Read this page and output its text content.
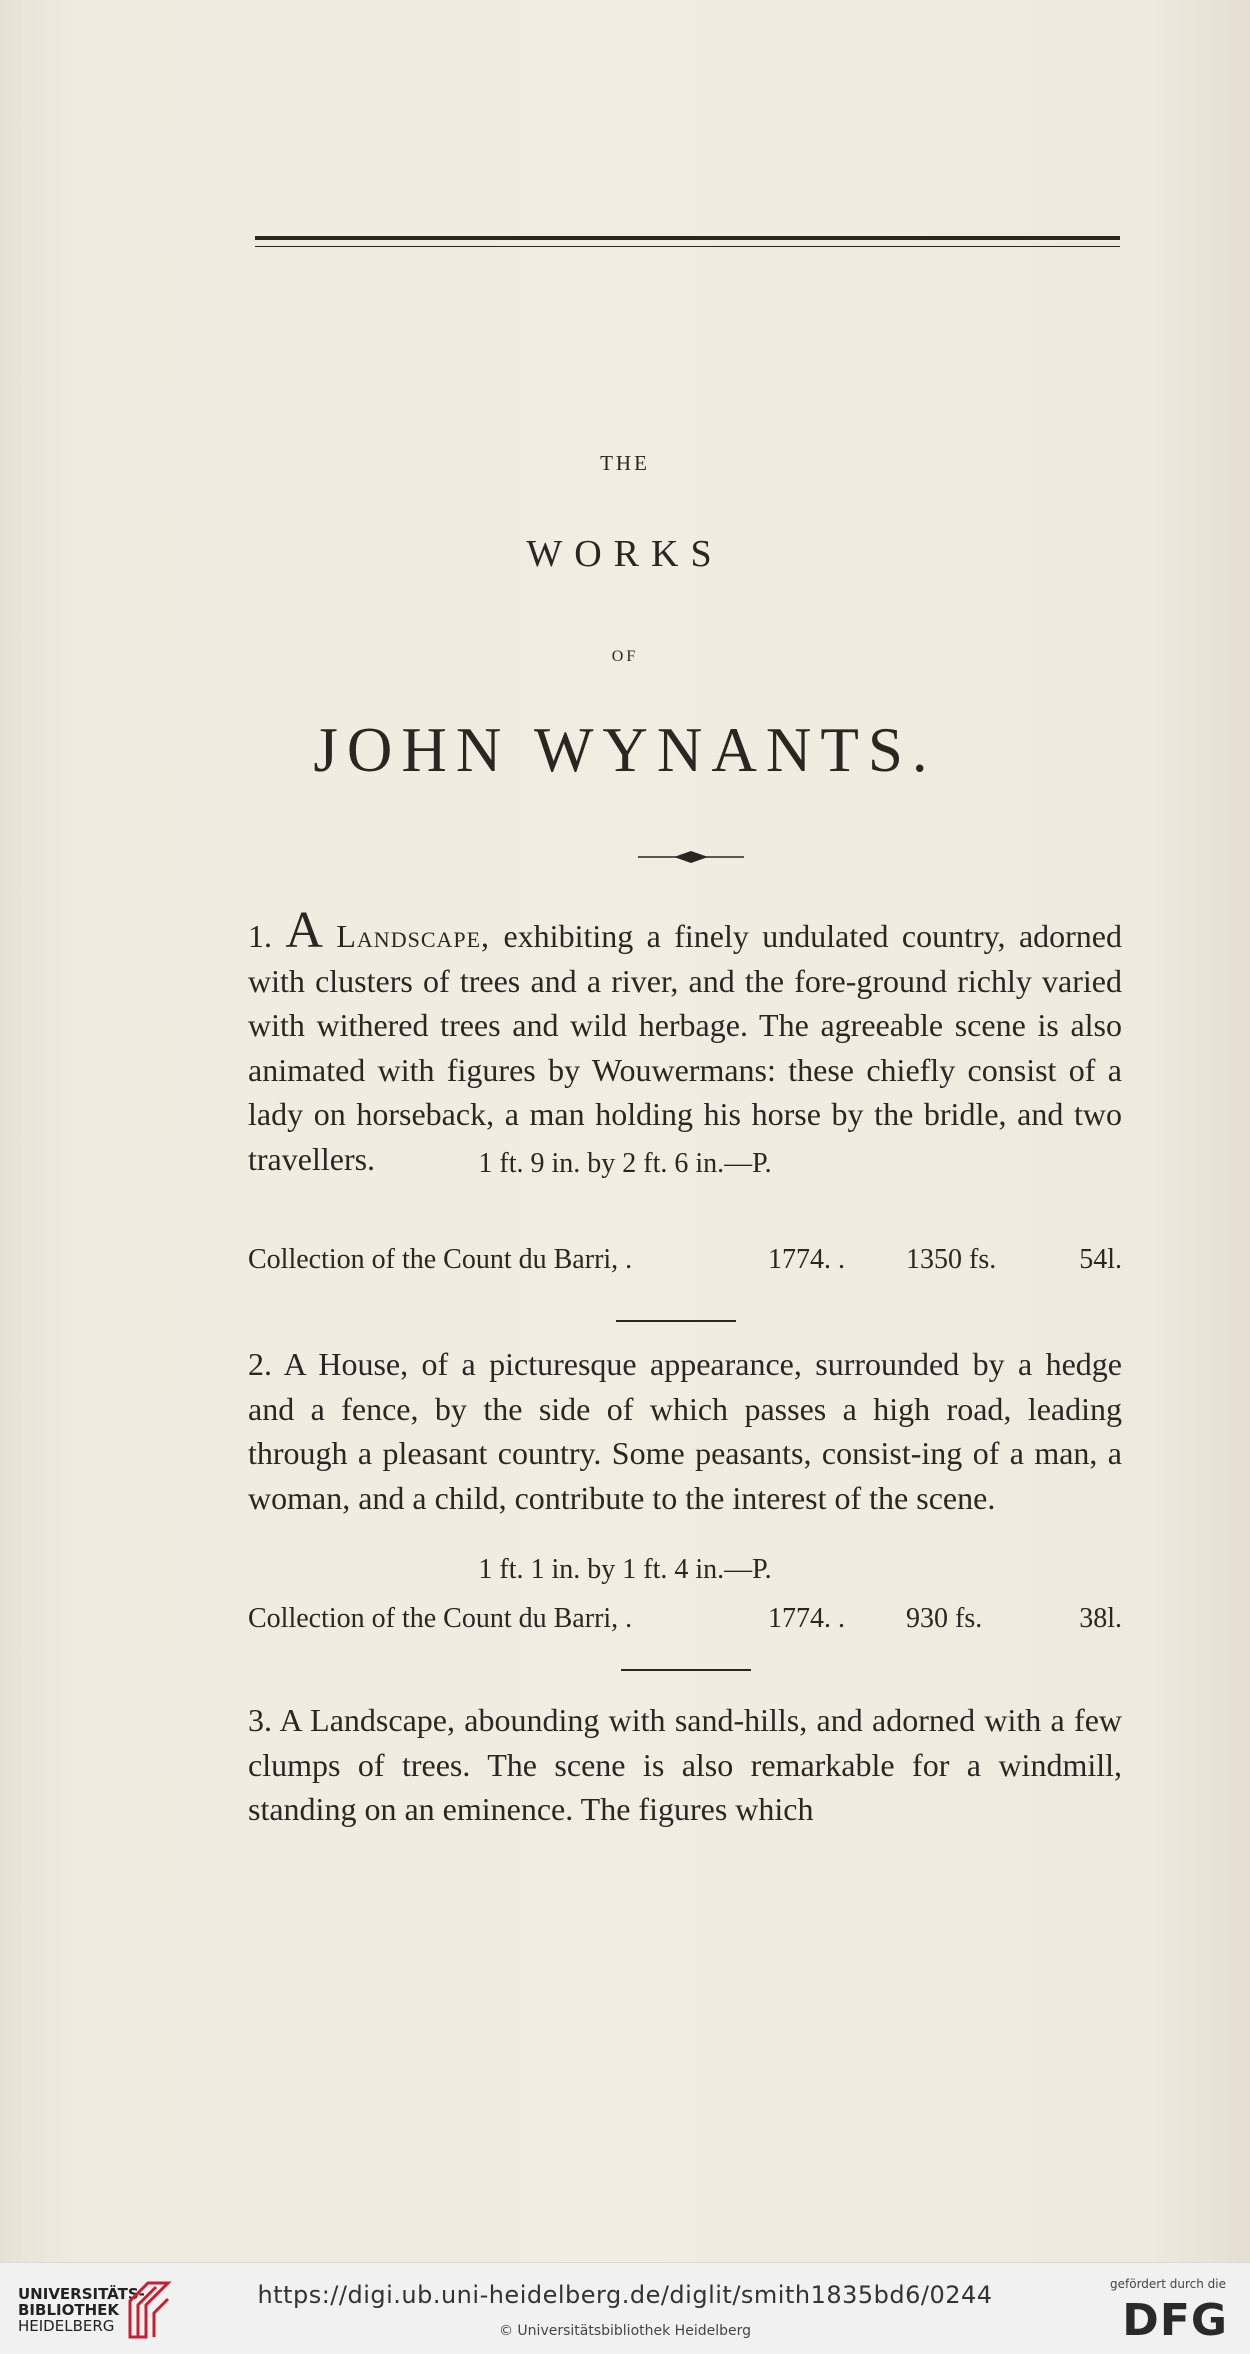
THE
WORKS
OF
JOHN WYNANTS.
1. A Landscape, exhibiting a finely undulated country, adorned with clusters of trees and a river, and the fore-ground richly varied with withered trees and wild herbage. The agreeable scene is also animated with figures by Wouwermans: these chiefly consist of a lady on horseback, a man holding his horse by the bridle, and two travellers.	1 ft. 9 in. by 2 ft. 6 in.—P.
Collection of the Count du Barri, .	1774. . 1350 fs.	54l.
2. A House, of a picturesque appearance, surrounded by a hedge and a fence, by the side of which passes a high road, leading through a pleasant country. Some peasants, consist-ing of a man, a woman, and a child, contribute to the interest of the scene.
1 ft. 1 in. by 1 ft. 4 in.—P.
Collection of the Count du Barri, .	1774. . 930 fs.	38l.
3. A Landscape, abounding with sand-hills, and adorned with a few clumps of trees. The scene is also remarkable for a windmill, standing on an eminence. The figures which
UNIVERSITÄTS-
BIBLIOTHEK
HEIDELBERG
https://digi.ub.uni-heidelberg.de/diglit/smith1835bd6/0244
© Universitätsbibliothek Heidelberg
gefördert durch die
DFG
